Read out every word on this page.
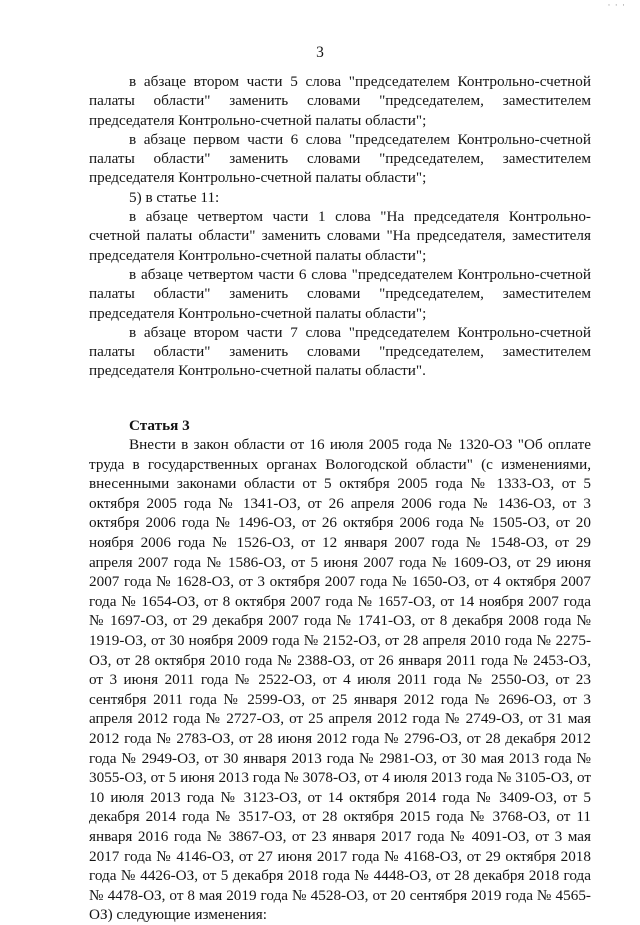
· · ·
3

в абзаце втором части 5 слова "председателем Контрольно-счетной палаты области" заменить словами "председателем, заместителем председателя Контрольно-счетной палаты области";

в абзаце первом части 6 слова "председателем Контрольно-счетной палаты области" заменить словами "председателем, заместителем председателя Контрольно-счетной палаты области";

5) в статье 11:

в абзаце четвертом части 1 слова "На председателя Контрольно-счетной палаты области" заменить словами "На председателя, заместителя председателя Контрольно-счетной палаты области";

в абзаце четвертом части 6 слова "председателем Контрольно-счетной палаты области" заменить словами "председателем, заместителем председателя Контрольно-счетной палаты области";

в абзаце втором части 7 слова "председателем Контрольно-счетной палаты области" заменить словами "председателем, заместителем председателя Контрольно-счетной палаты области".

Статья 3

Внести в закон области от 16 июля 2005 года № 1320-ОЗ "Об оплате труда в государственных органах Вологодской области" (с изменениями, внесенными законами области от 5 октября 2005 года № 1333-ОЗ, от 5 октября 2005 года № 1341-ОЗ, от 26 апреля 2006 года № 1436-ОЗ, от 3 октября 2006 года № 1496-ОЗ, от 26 октября 2006 года № 1505-ОЗ, от 20 ноября 2006 года № 1526-ОЗ, от 12 января 2007 года № 1548-ОЗ, от 29 апреля 2007 года № 1586-ОЗ, от 5 июня 2007 года № 1609-ОЗ, от 29 июня 2007 года № 1628-ОЗ, от 3 октября 2007 года № 1650-ОЗ, от 4 октября 2007 года № 1654-ОЗ, от 8 октября 2007 года № 1657-ОЗ, от 14 ноября 2007 года № 1697-ОЗ, от 29 декабря 2007 года № 1741-ОЗ, от 8 декабря 2008 года № 1919-ОЗ, от 30 ноября 2009 года № 2152-ОЗ, от 28 апреля 2010 года № 2275-ОЗ, от 28 октября 2010 года № 2388-ОЗ, от 26 января 2011 года № 2453-ОЗ, от 3 июня 2011 года № 2522-ОЗ, от 4 июля 2011 года № 2550-ОЗ, от 23 сентября 2011 года № 2599-ОЗ, от 25 января 2012 года № 2696-ОЗ, от 3 апреля 2012 года № 2727-ОЗ, от 25 апреля 2012 года № 2749-ОЗ, от 31 мая 2012 года № 2783-ОЗ, от 28 июня 2012 года № 2796-ОЗ, от 28 декабря 2012 года № 2949-ОЗ, от 30 января 2013 года № 2981-ОЗ, от 30 мая 2013 года № 3055-ОЗ, от 5 июня 2013 года № 3078-ОЗ, от 4 июля 2013 года № 3105-ОЗ, от 10 июля 2013 года № 3123-ОЗ, от 14 октября 2014 года № 3409-ОЗ, от 5 декабря 2014 года № 3517-ОЗ, от 28 октября 2015 года № 3768-ОЗ, от 11 января 2016 года № 3867-ОЗ, от 23 января 2017 года № 4091-ОЗ, от 3 мая 2017 года № 4146-ОЗ, от 27 июня 2017 года № 4168-ОЗ, от 29 октября 2018 года № 4426-ОЗ, от 5 декабря 2018 года № 4448-ОЗ, от 28 декабря 2018 года № 4478-ОЗ, от 8 мая 2019 года № 4528-ОЗ, от 20 сентября 2019 года № 4565-ОЗ) следующие изменения:
